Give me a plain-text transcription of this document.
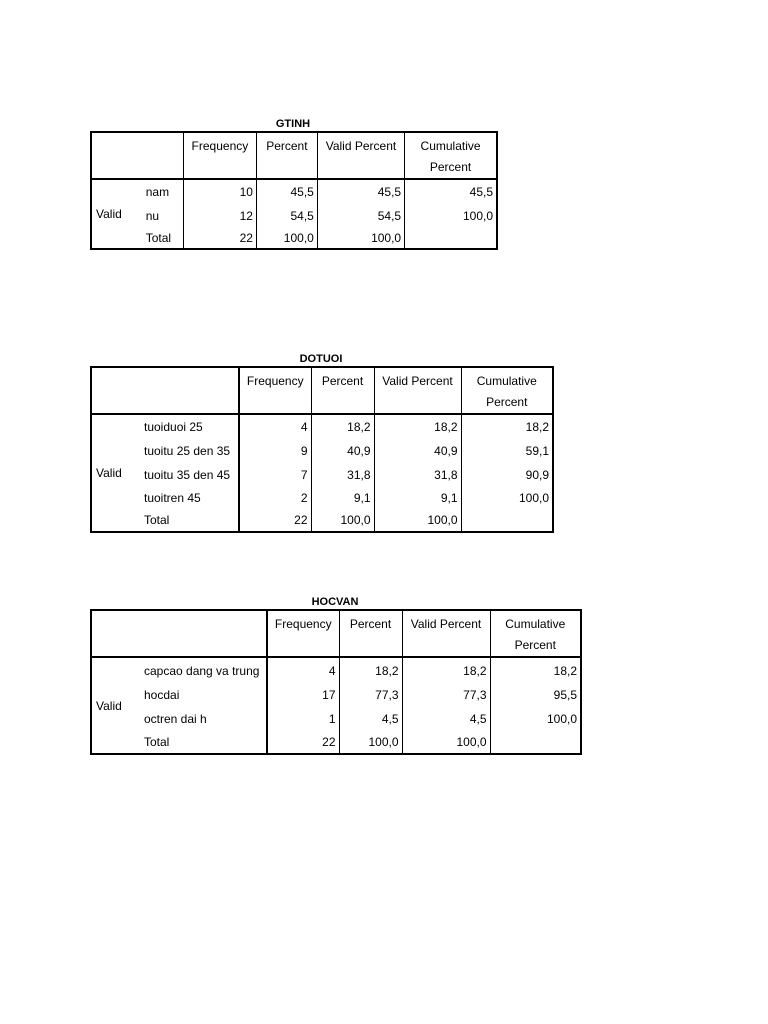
GTINH
		Frequency	Percent	Valid Percent	Cumulative
Percent
Valid	nam	10	45,5	45,5	45,5
	nu	12	54,5	54,5	100,0
	Total	22	100,0	100,0	
DOTUOI
		Frequency	Percent	Valid Percent	Cumulative
Percent
Valid	tuoiduoi 25	4	18,2	18,2	18,2
	tuoitu 25 den 35	9	40,9	40,9	59,1
	tuoitu 35 den 45	7	31,8	31,8	90,9
	tuoitren 45	2	9,1	9,1	100,0
	Total	22	100,0	100,0	
HOCVAN
		Frequency	Percent	Valid Percent	Cumulative
Percent
Valid	capcao dang va trung	4	18,2	18,2	18,2
	hocdai	17	77,3	77,3	95,5
	octren dai h	1	4,5	4,5	100,0
	Total	22	100,0	100,0	
